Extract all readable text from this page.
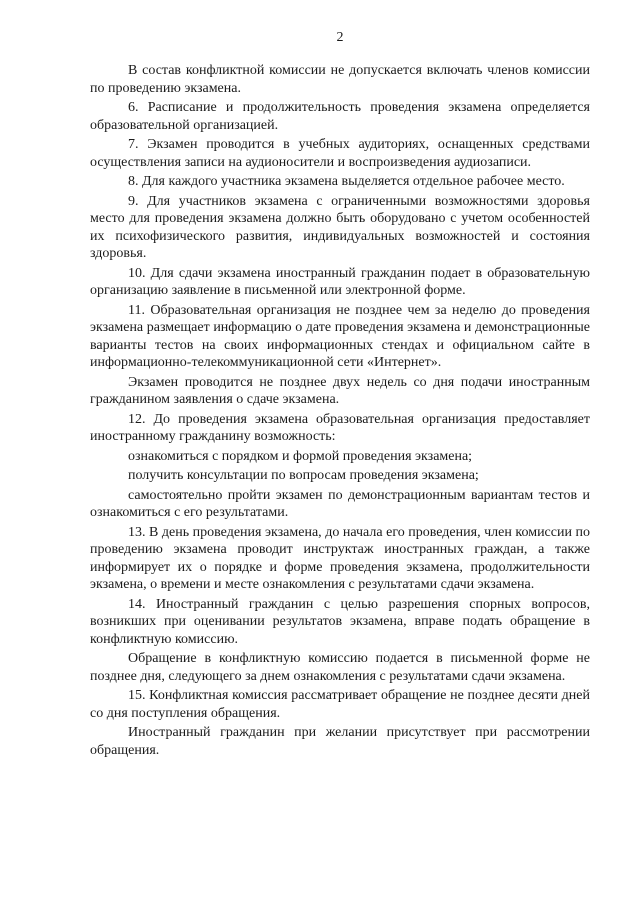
2

В состав конфликтной комиссии не допускается включать членов комиссии по проведению экзамена.

6. Расписание и продолжительность проведения экзамена определяется образовательной организацией.

7. Экзамен проводится в учебных аудиториях, оснащенных средствами осуществления записи на аудионосители и воспроизведения аудиозаписи.

8. Для каждого участника экзамена выделяется отдельное рабочее место.

9. Для участников экзамена с ограниченными возможностями здоровья место для проведения экзамена должно быть оборудовано с учетом особенностей их психофизического развития, индивидуальных возможностей и состояния здоровья.

10. Для сдачи экзамена иностранный гражданин подает в образовательную организацию заявление в письменной или электронной форме.

11. Образовательная организация не позднее чем за неделю до проведения экзамена размещает информацию о дате проведения экзамена и демонстрационные варианты тестов на своих информационных стендах и официальном сайте в информационно-телекоммуникационной сети «Интернет».

Экзамен проводится не позднее двух недель со дня подачи иностранным гражданином заявления о сдаче экзамена.

12. До проведения экзамена образовательная организация предоставляет иностранному гражданину возможность:

ознакомиться с порядком и формой проведения экзамена;

получить консультации по вопросам проведения экзамена;

самостоятельно пройти экзамен по демонстрационным вариантам тестов и ознакомиться с его результатами.

13. В день проведения экзамена, до начала его проведения, член комиссии по проведению экзамена проводит инструктаж иностранных граждан, а также информирует их о порядке и форме проведения экзамена, продолжительности экзамена, о времени и месте ознакомления с результатами сдачи экзамена.

14. Иностранный гражданин с целью разрешения спорных вопросов, возникших при оценивании результатов экзамена, вправе подать обращение в конфликтную комиссию.

Обращение в конфликтную комиссию подается в письменной форме не позднее дня, следующего за днем ознакомления с результатами сдачи экзамена.

15. Конфликтная комиссия рассматривает обращение не позднее десяти дней со дня поступления обращения.

Иностранный гражданин при желании присутствует при рассмотрении обращения.
